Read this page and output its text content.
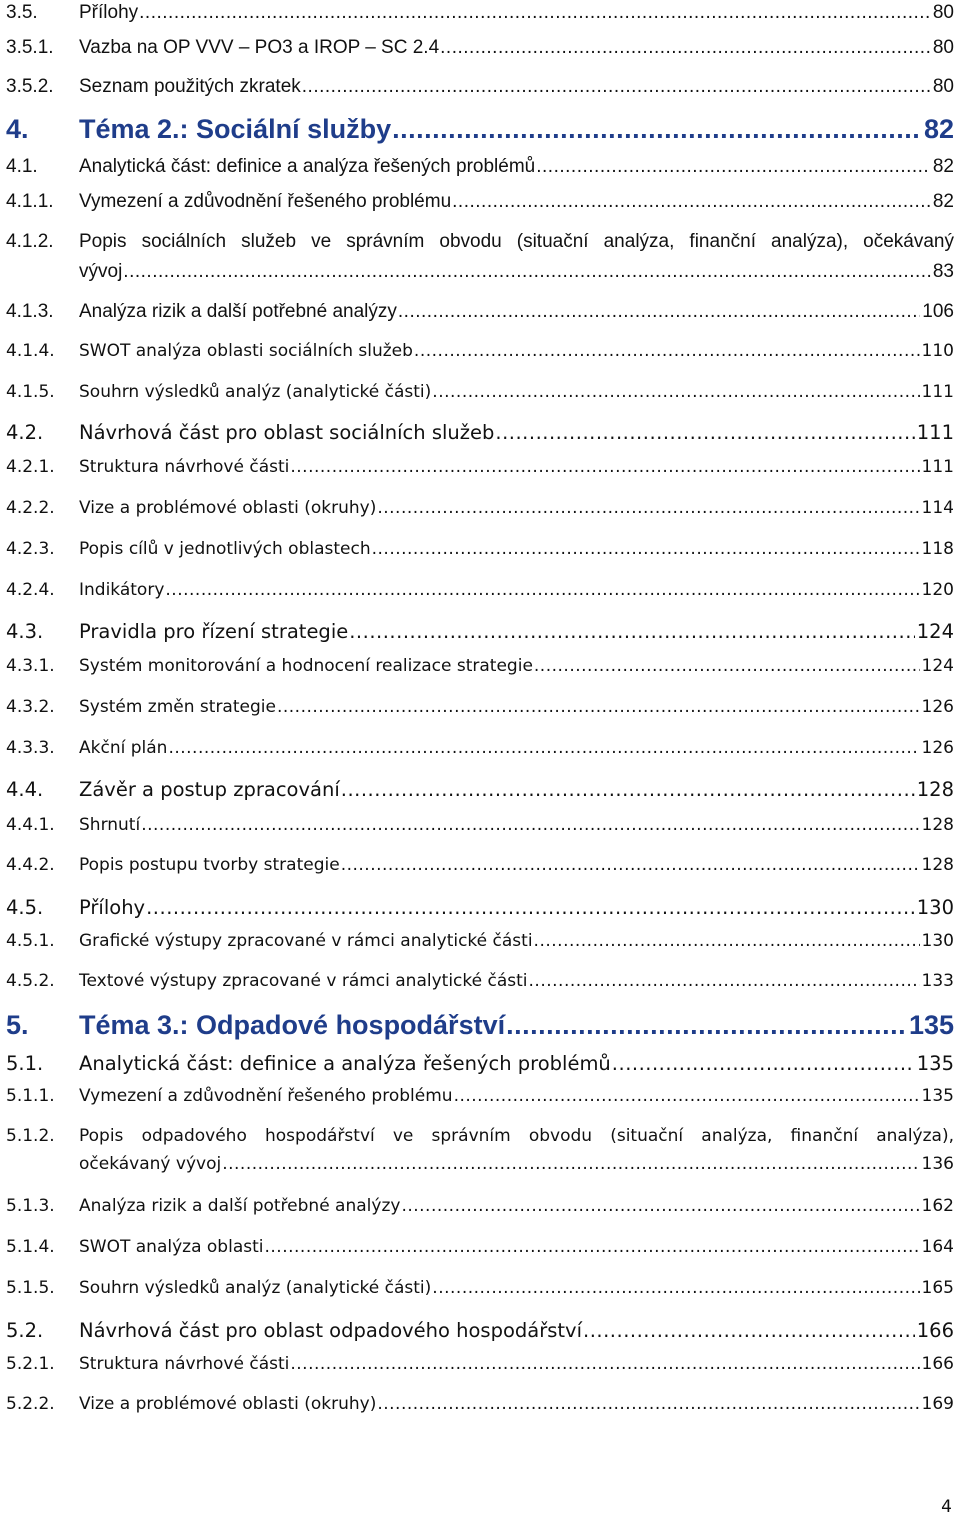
3.5. Přílohy .....	80
3.5.1. Vazba na OP VVV – PO3 a IROP – SC 2.4 .....	80
3.5.2. Seznam použitých zkratek .....	80
4. Téma 2.: Sociální služby .....	82
4.1. Analytická část: definice a analýza řešených problémů .....	82
4.1.1. Vymezení a zdůvodnění řešeného problému .....	82
4.1.2. Popis sociálních služeb ve správním obvodu (situační analýza, finanční analýza), očekávaný
vývoj .....	83
4.1.3. Analýza rizik a další potřebné analýzy .....	106
4.1.4. SWOT analýza oblasti sociálních služeb .....	110
4.1.5. Souhrn výsledků analýz (analytické části) .....	111
4.2. Návrhová část pro oblast sociálních služeb .....	111
4.2.1. Struktura návrhové části .....	111
4.2.2. Vize a problémové oblasti (okruhy) .....	114
4.2.3. Popis cílů v jednotlivých oblastech .....	118
4.2.4. Indikátory .....	120
4.3. Pravidla pro řízení strategie .....	124
4.3.1. Systém monitorování a hodnocení realizace strategie .....	124
4.3.2. Systém změn strategie .....	126
4.3.3. Akční plán .....	126
4.4. Závěr a postup zpracování .....	128
4.4.1. Shrnutí .....	128
4.4.2. Popis postupu tvorby strategie .....	128
4.5. Přílohy .....	130
4.5.1. Grafické výstupy zpracované v rámci analytické části .....	130
4.5.2. Textové výstupy zpracované v rámci analytické části .....	133
5. Téma 3.: Odpadové hospodářství .....	135
5.1. Analytická část: definice a analýza řešených problémů .....	135
5.1.1. Vymezení a zdůvodnění řešeného problému .....	135
5.1.2. Popis odpadového hospodářství ve správním obvodu (situační analýza, finanční analýza),
očekávaný vývoj .....	136
5.1.3. Analýza rizik a další potřebné analýzy .....	162
5.1.4. SWOT analýza oblasti .....	164
5.1.5. Souhrn výsledků analýz (analytické části) .....	165
5.2. Návrhová část pro oblast odpadového hospodářství .....	166
5.2.1. Struktura návrhové části .....	166
5.2.2. Vize a problémové oblasti (okruhy) .....	169
4
